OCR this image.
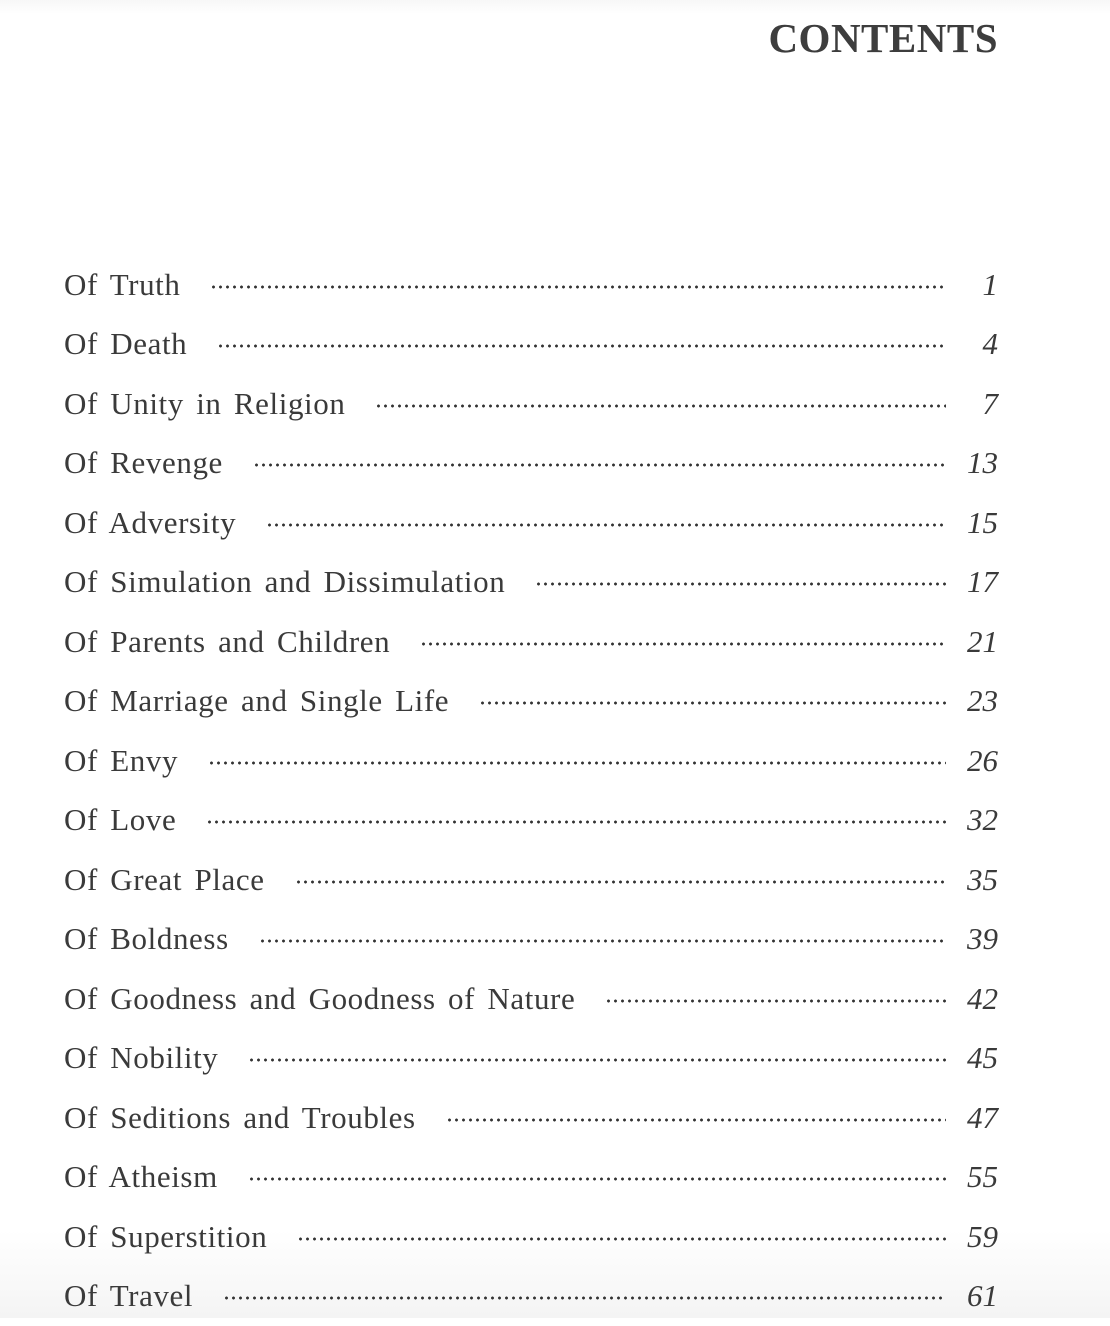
CONTENTS
Of Truth	1
Of Death	4
Of Unity in Religion	7
Of Revenge	13
Of Adversity	15
Of Simulation and Dissimulation	17
Of Parents and Children	21
Of Marriage and Single Life	23
Of Envy	26
Of Love	32
Of Great Place	35
Of Boldness	39
Of Goodness and Goodness of Nature	42
Of Nobility	45
Of Seditions and Troubles	47
Of Atheism	55
Of Superstition	59
Of Travel	61
